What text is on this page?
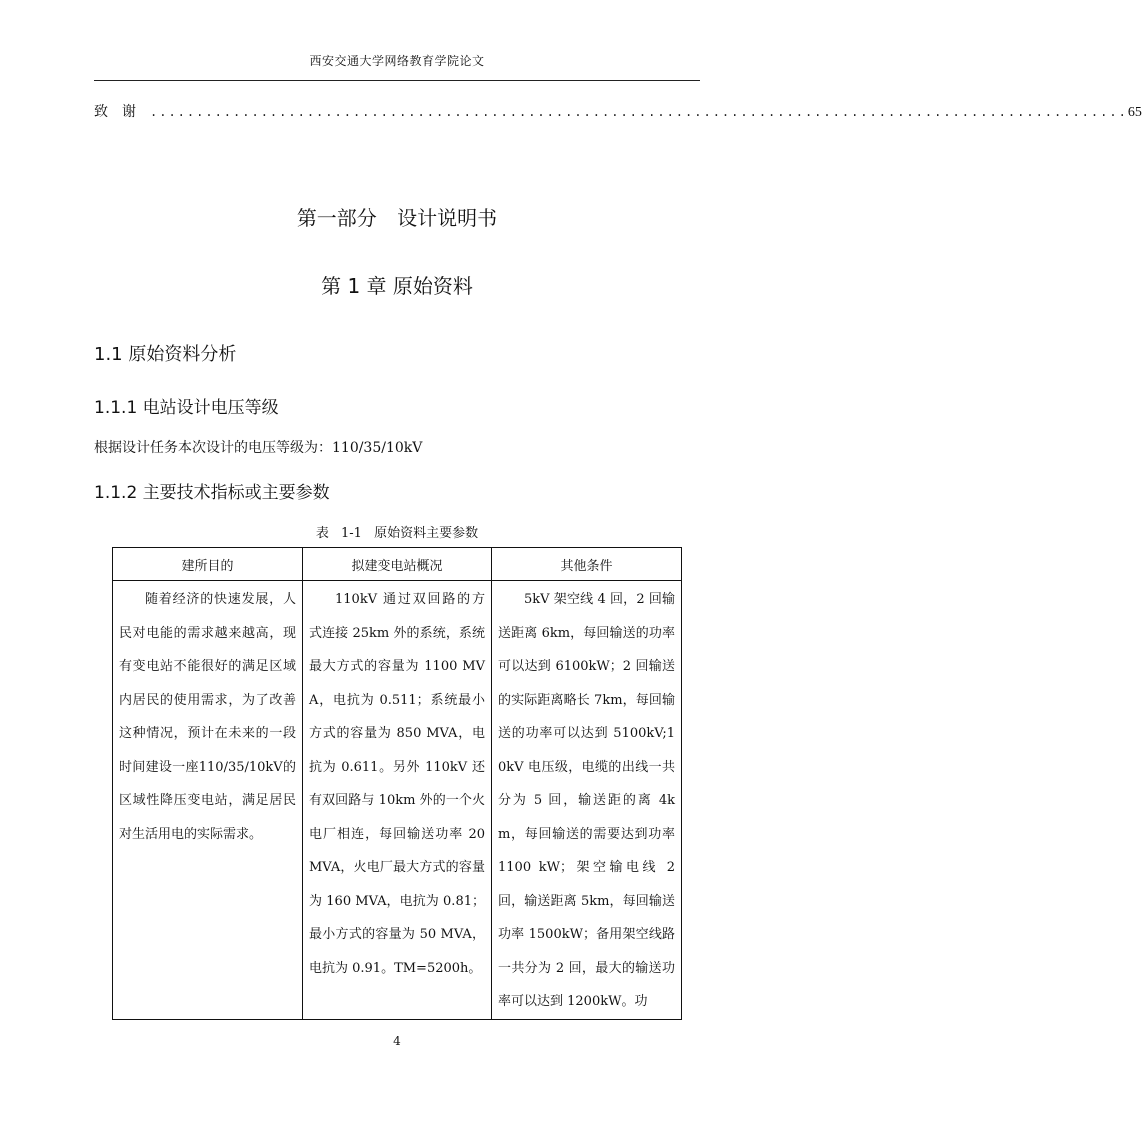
西安交通大学网络教育学院论文
致谢 .......................................................................................................... 65
第一部分 设计说明书
第 1 章 原始资料
1.1 原始资料分析
1.1.1 电站设计电压等级
根据设计任务本次设计的电压等级为：110/35/10kV
1.1.2 主要技术指标或主要参数
表 1-1 原始资料主要参数
建所目的	拟建变电站概况	其他条件

随着经济的快速发展，人民对电能的需求越来越高，现有变电站不能很好的满足区域内居民的使用需求，为了改善这种情况，预计在未来的一段时间建设一座110/35/10kV的区域性降压变电站，满足居民对生活用电的实际需求。	110kV 通过双回路的方式连接 25km 外的系统，系统最大方式的容量为 1100 MVA，电抗为 0.511；系统最小方式的容量为 850 MVA，电抗为 0.611。另外 110kV 还有双回路与 10km 外的一个火电厂相连，每回输送功率 20MVA，火电厂最大方式的容量为 160 MVA，电抗为 0.81；最小方式的容量为 50 MVA，电抗为 0.91。TM=5200h。	5kV 架空线 4 回，2 回输送距离 6km，每回输送的功率可以达到 6100kW；2 回输送的实际距离略长 7km，每回输送的功率可以达到 5100kV;10kV 电压级，电缆的出线一共分为 5 回，输送距的离 4km，每回输送的需要达到功率 1100 kW；架空输电线 2 回，输送距离 5km，每回输送功率 1500kW；备用架空线路一共分为 2 回，最大的输送功率可以达到 1200kW。功
4
